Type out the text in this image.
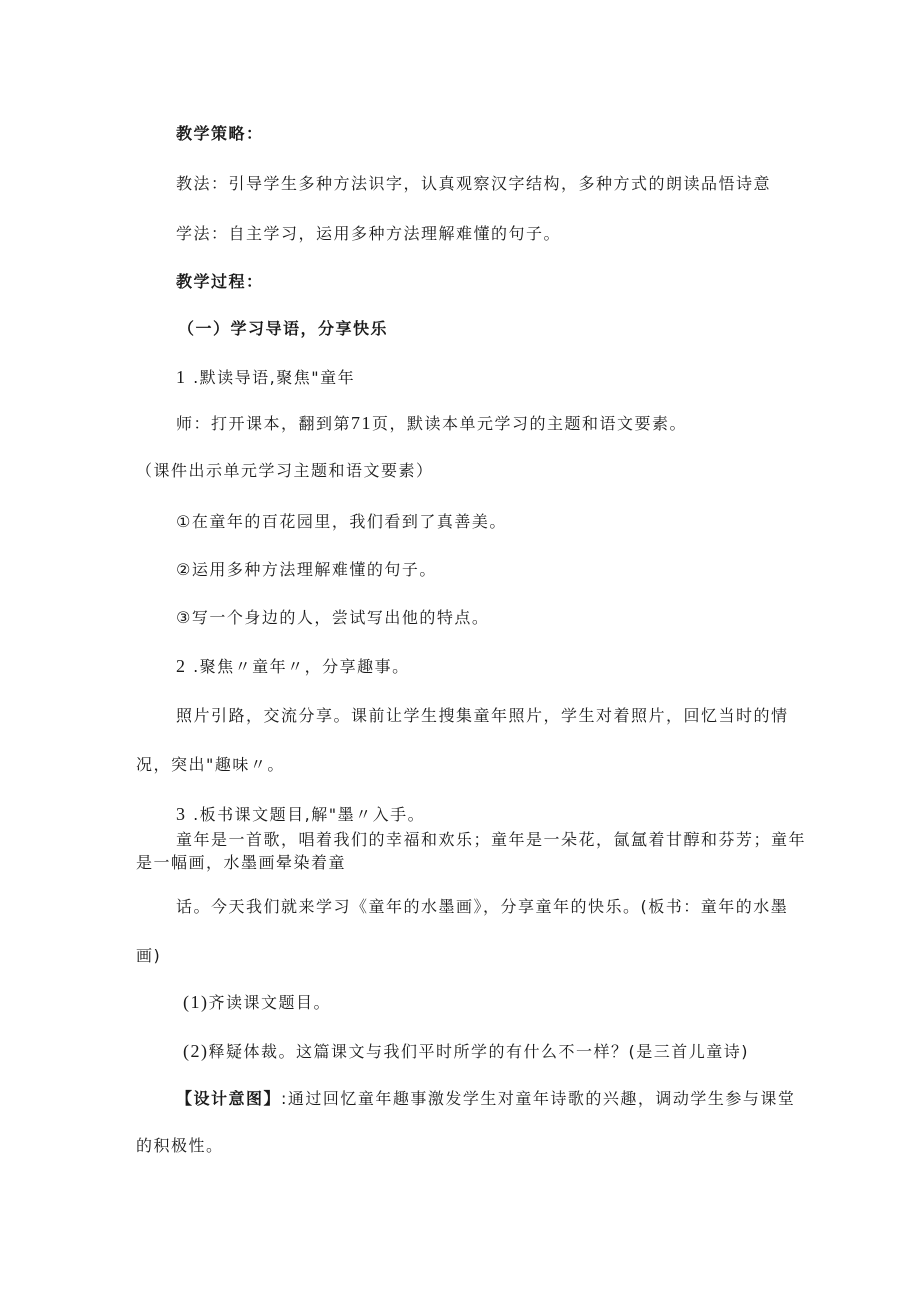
教学策略：
教法：引导学生多种方法识字，认真观察汉字结构，多种方式的朗读品悟诗意
学法：自主学习，运用多种方法理解难懂的句子。
教学过程：
（一）学习导语，分享快乐
1 .默读导语,聚焦"童年
师：打开课本，翻到第71页，默读本单元学习的主题和语文要素。
（课件出示单元学习主题和语文要素）
①在童年的百花园里，我们看到了真善美。
②运用多种方法理解难懂的句子。
③写一个身边的人，尝试写出他的特点。
2 .聚焦〃童年〃，分享趣事。
照片引路，交流分享。课前让学生搜集童年照片，学生对着照片，回忆当时的情
况，突出"趣味〃。
3 .板书课文题目,解"墨〃入手。
童年是一首歌，唱着我们的幸福和欢乐；童年是一朵花，氤氲着甘醇和芬芳；童年
是一幅画，水墨画晕染着童
话。今天我们就来学习《童年的水墨画》，分享童年的快乐。(板书：童年的水墨
画)
(1)齐读课文题目。
(2)释疑体裁。这篇课文与我们平时所学的有什么不一样？(是三首儿童诗)
【设计意图】:通过回忆童年趣事激发学生对童年诗歌的兴趣，调动学生参与课堂
的积极性。
